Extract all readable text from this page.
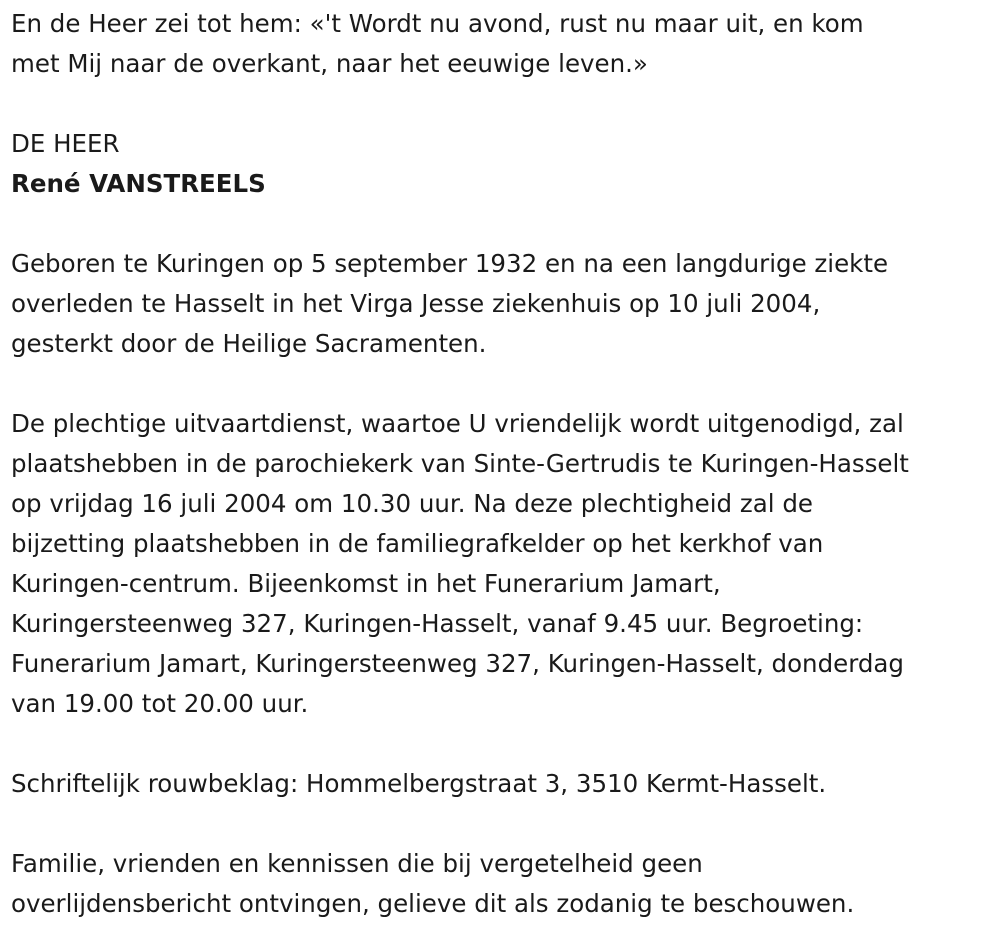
En de Heer zei tot hem: «'t Wordt nu avond, rust nu maar uit, en kom
met Mij naar de overkant, naar het eeuwige leven.»

DE HEER

René VANSTREELS

Geboren te Kuringen op 5 september 1932 en na een langdurige ziekte
overleden te Hasselt in het Virga Jesse ziekenhuis op 10 juli 2004,
gesterkt door de Heilige Sacramenten.

De plechtige uitvaartdienst, waartoe U vriendelijk wordt uitgenodigd, zal
plaatshebben in de parochiekerk van Sinte-Gertrudis te Kuringen-Hasselt
op vrijdag 16 juli 2004 om 10.30 uur. Na deze plechtigheid zal de
bijzetting plaatshebben in de familiegrafkelder op het kerkhof van
Kuringen-centrum. Bijeenkomst in het Funerarium Jamart,
Kuringersteenweg 327, Kuringen-Hasselt, vanaf 9.45 uur. Begroeting:
Funerarium Jamart, Kuringersteenweg 327, Kuringen-Hasselt, donderdag
van 19.00 tot 20.00 uur.

Schriftelijk rouwbeklag: Hommelbergstraat 3, 3510 Kermt-Hasselt.

Familie, vrienden en kennissen die bij vergetelheid geen
overlijdensbericht ontvingen, gelieve dit als zodanig te beschouwen.
